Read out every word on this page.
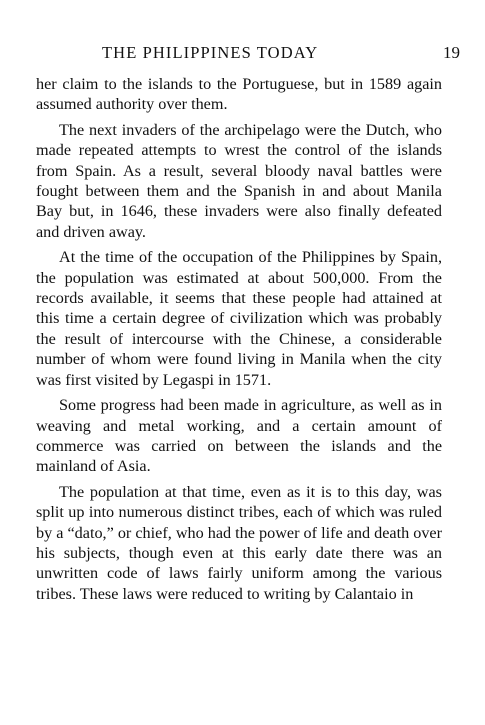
THE PHILIPPINES TODAY	19

her claim to the islands to the Portuguese, but in 1589 again assumed authority over them.

The next invaders of the archipelago were the Dutch, who made repeated attempts to wrest the control of the islands from Spain. As a result, several bloody naval battles were fought between them and the Spanish in and about Manila Bay but, in 1646, these invaders were also finally defeated and driven away.

At the time of the occupation of the Philippines by Spain, the population was estimated at about 500,000. From the records available, it seems that these people had attained at this time a certain degree of civilization which was probably the result of intercourse with the Chinese, a considerable number of whom were found living in Manila when the city was first visited by Legaspi in 1571.

Some progress had been made in agriculture, as well as in weaving and metal working, and a certain amount of commerce was carried on between the islands and the mainland of Asia.

The population at that time, even as it is to this day, was split up into numerous distinct tribes, each of which was ruled by a “dato,” or chief, who had the power of life and death over his subjects, though even at this early date there was an unwritten code of laws fairly uniform among the various tribes. These laws were reduced to writing by Calantaio in
